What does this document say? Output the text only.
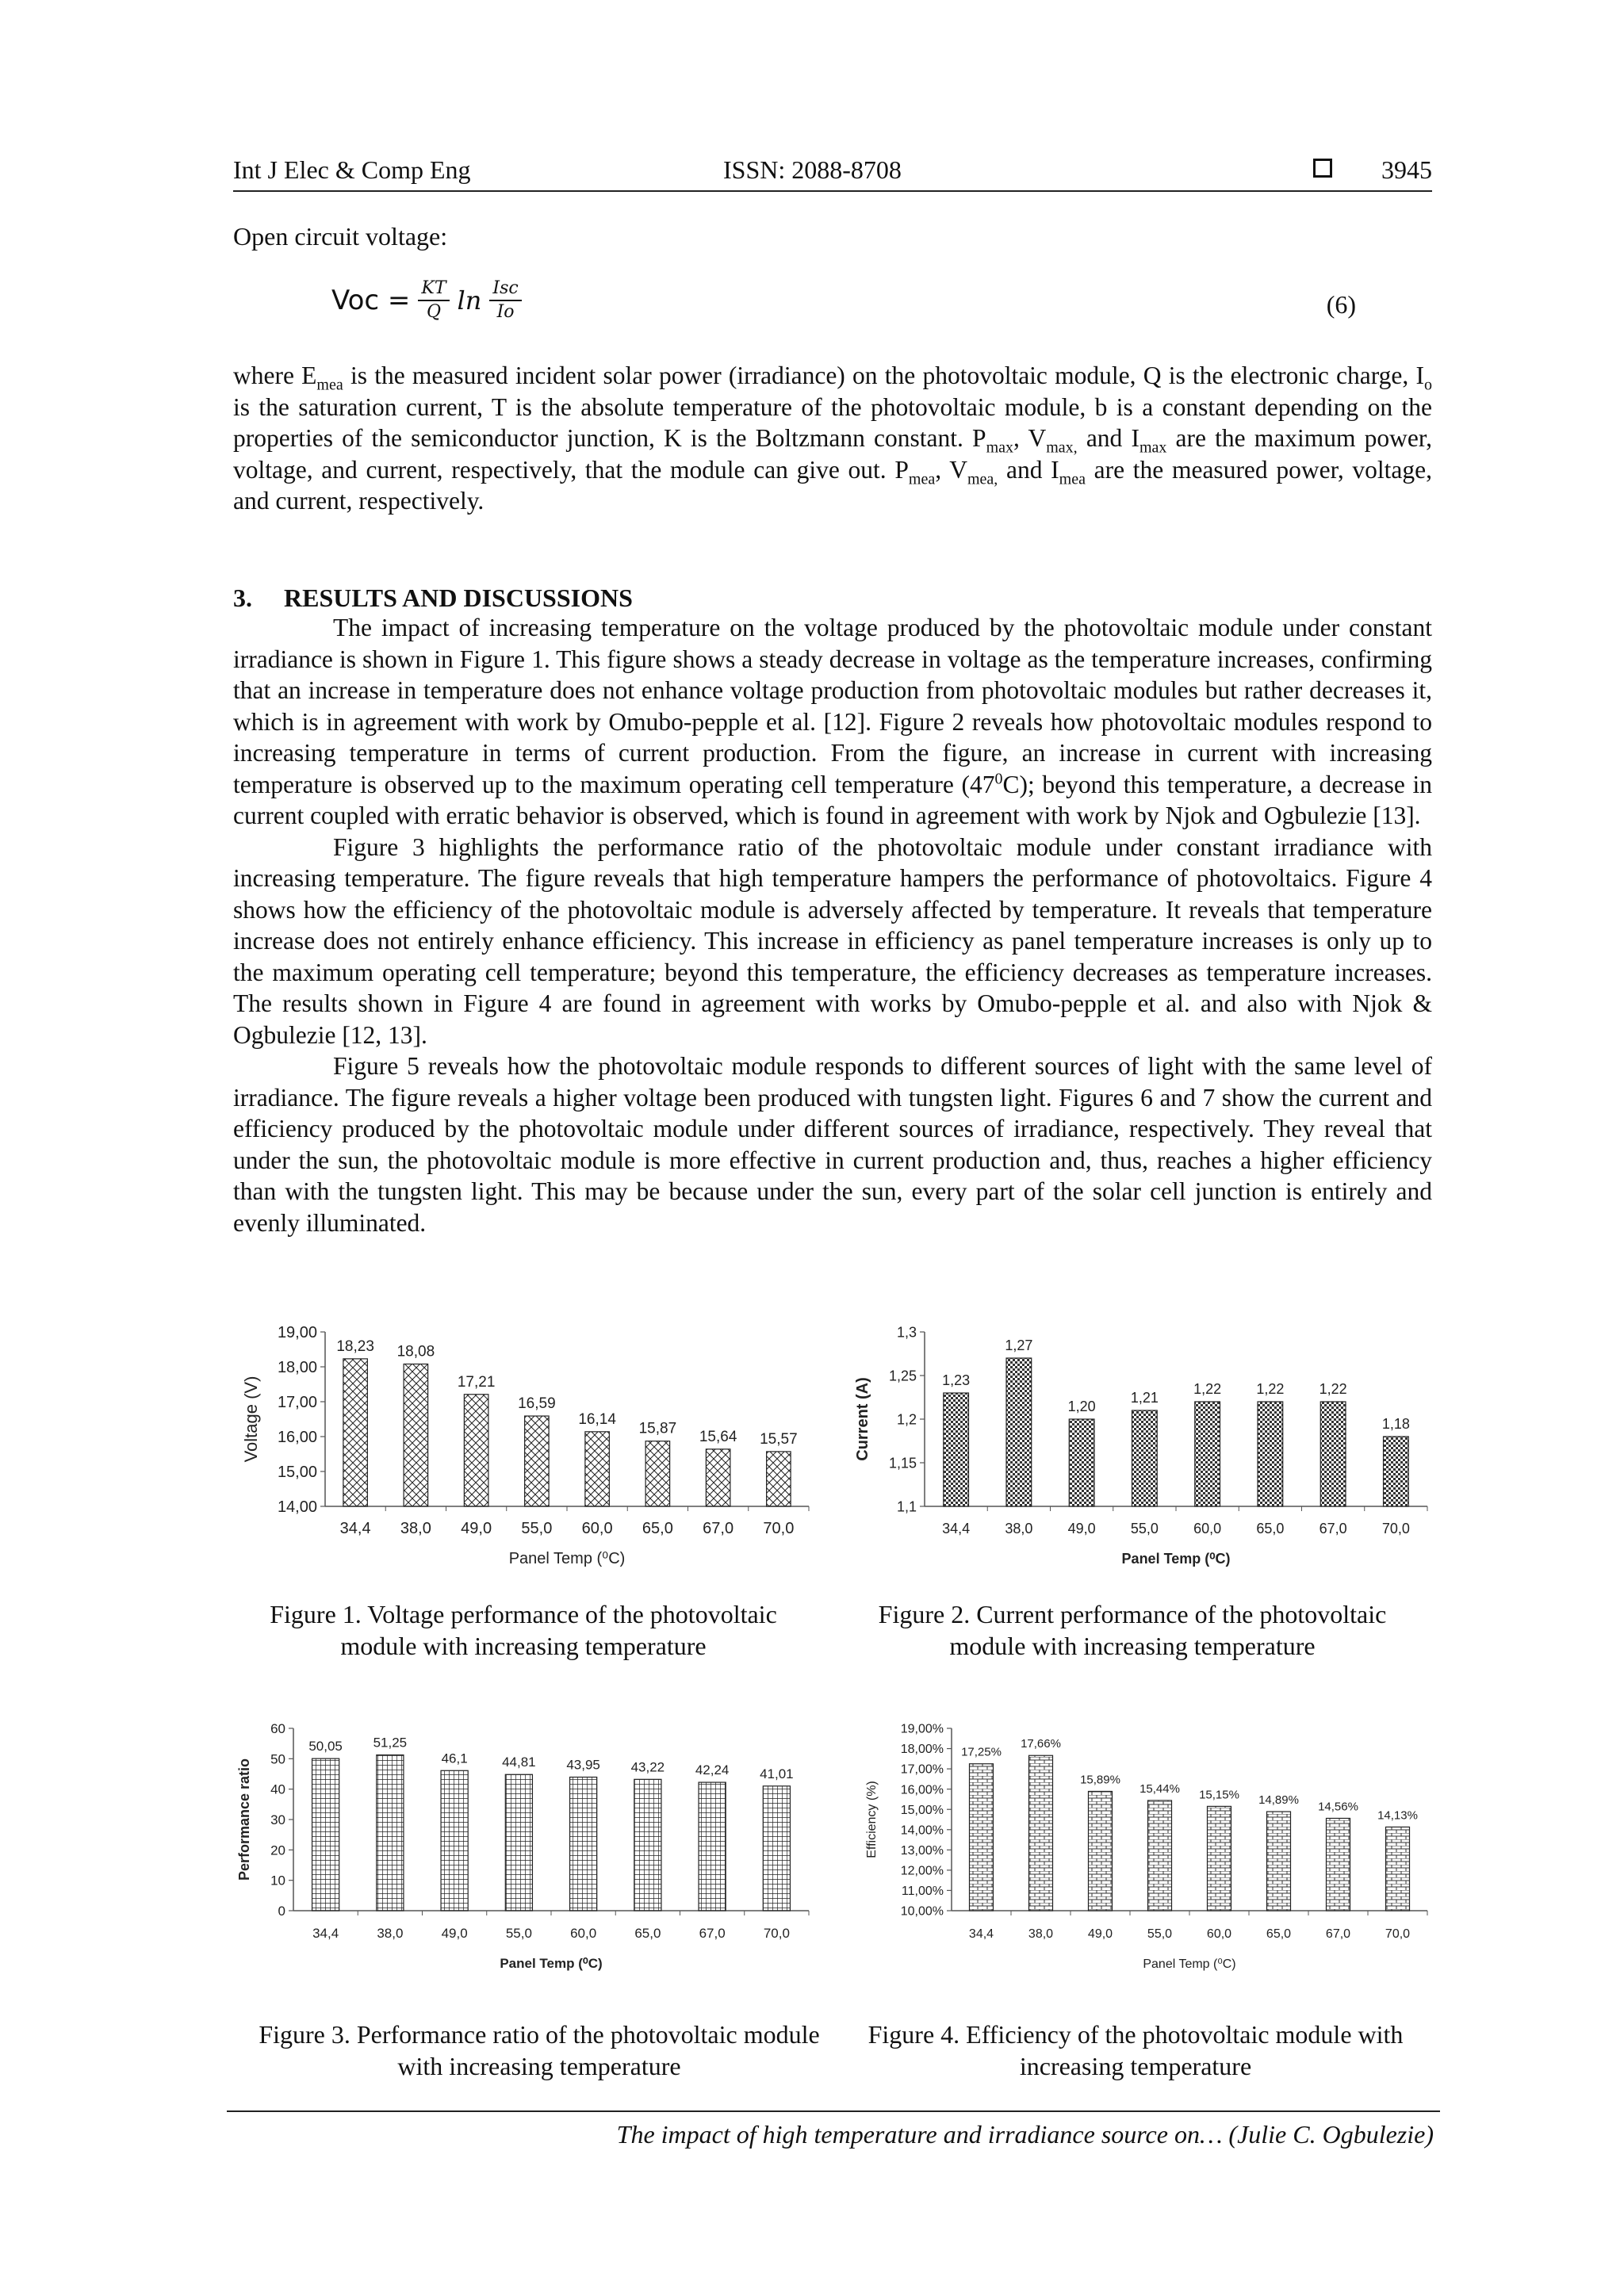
Int J Elec & Comp Eng	ISSN: 2088-8708	3945
Open circuit voltage:
Voc = $\frac{KT}{Q}$ $\ln \frac{\text{Isc}}{Io}$	(6)

where $E_{mea}$ is the measured incident solar power (irradiance) on the photovoltaic module, Q is the electronic charge, $I_o$ is the saturation current, T is the absolute temperature of the photovoltaic module, b is a constant depending on the properties of the semiconductor junction, K is the Boltzmann constant. $P_{max}$, $V_{max,}$ and $I_{max}$ are the maximum power, voltage, and current, respectively, that the module can give out. $P_{mea}$, $V_{mea,}$ and $I_{mea}$ are the measured power, voltage, and current, respectively.

3.     RESULTS AND DISCUSSIONS

The impact of increasing temperature on the voltage produced by the photovoltaic module under constant irradiance is shown in Figure 1. This figure shows a steady decrease in voltage as the temperature increases, confirming that an increase in temperature does not enhance voltage production from photovoltaic modules but rather decreases it, which is in agreement with work by Omubo-pepple et al. [12]. Figure 2 reveals how photovoltaic modules respond to increasing temperature in terms of current production. From the figure, an increase in current with increasing temperature is observed up to the maximum operating cell temperature $(47^0C)$; beyond this temperature, a decrease in current coupled with erratic behavior is observed, which is found in agreement with work by Njok and Ogbulezie [13].

Figure 3 highlights the performance ratio of the photovoltaic module under constant irradiance with increasing temperature. The figure reveals that high temperature hampers the performance of photovoltaics. Figure 4 shows how the efficiency of the photovoltaic module is adversely affected by temperature. It reveals that temperature increase does not entirely enhance efficiency. This increase in efficiency as panel temperature increases is only up to the maximum operating cell temperature; beyond this temperature, the efficiency decreases as temperature increases. The results shown in Figure 4 are found in agreement with works by Omubo-pepple et al. and also with Njok & Ogbulezie [12, 13].

Figure 5 reveals how the photovoltaic module responds to different sources of light with the same level of irradiance. The figure reveals a higher voltage been produced with tungsten light. Figures 6 and 7 show the current and efficiency produced by the photovoltaic module under different sources of irradiance, respectively. They reveal that under the sun, the photovoltaic module is more effective in current production and, thus, reaches a higher efficiency than with the tungsten light. This may be because under the sun, every part of the solar cell junction is entirely and evenly illuminated.

14,00
15,00
16,00
17,00
18,00
19,00
18,23
34,4
18,08
38,0
17,21
49,0
16,59
55,0
16,14
60,0
15,87
65,0
15,64
67,0
15,57
70,0
Panel Temp (⁰C)
Voltage (V)
1,1
1,15
1,2
1,25
1,3
1,23
34,4
1,27
38,0
1,20
49,0
1,21
55,0
1,22
60,0
1,22
65,0
1,22
67,0
1,18
70,0
Panel Temp (⁰C)
Current (A)
0
10
20
30
40
50
60
50,05
34,4
51,25
38,0
46,1
49,0
44,81
55,0
43,95
60,0
43,22
65,0
42,24
67,0
41,01
70,0
Panel Temp (⁰C)
Performance ratio
10,00%
11,00%
12,00%
13,00%
14,00%
15,00%
16,00%
17,00%
18,00%
19,00%
17,25%
34,4
17,66%
38,0
15,89%
49,0
15,44%
55,0
15,15%
60,0
14,89%
65,0
14,56%
67,0
14,13%
70,0
Panel Temp (⁰C)
Efficiency (%)
Figure 1. Voltage performance of the photovoltaic module with increasing temperature
Figure 2. Current performance of the photovoltaic module with increasing temperature
Figure 3. Performance ratio of the photovoltaic module with increasing temperature
Figure 4. Efficiency of the photovoltaic module with increasing temperature
The impact of high temperature and irradiance source on… (Julie C. Ogbulezie)
